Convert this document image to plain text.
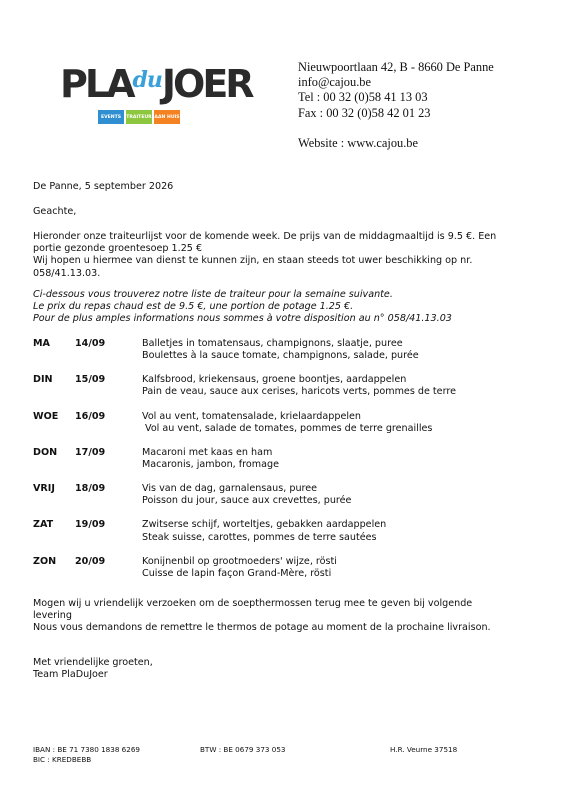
$PLA^{du}JOER$
EVENTS	TRAITEUR AAN HUIS
Nieuwpoortlaan 42, B - 8660 De Panne
info@cajou.be
Tel : 00 32 (0)58 41 13 03
Fax : 00 32 (0)58 42 01 23
Website : www.cajou.be
De Panne, 5 september 2026
Geachte,
Hieronder onze traiteurlijst voor de komende week. De prijs van de middagmaaltijd is 9.5 €. Een
portie gezonde groentesoep 1.25 €
Wij hopen u hiermee van dienst te kunnen zijn, en staan steeds tot uwer beschikking op nr.
058/41.13.03.
Ci-dessous vous trouverez notre liste de traiteur pour la semaine suivante.
Le prix du repas chaud est de 9.5 €, une portion de potage 1.25 €.
Pour de plus amples informations nous sommes à votre disposition au n° 058/41.13.03
MA	14/09	Balletjes in tomatensaus, champignons, slaatje, puree
Boulettes à la sauce tomate, champignons, salade, purée
DIN 15/09	Kalfsbrood, kriekensaus, groene boontjes, aardappelen
Pain de veau, sauce aux cerises, haricots verts, pommes de terre
WOE 16/09	Vol au vent, tomatensalade, krielaardappelen
Vol au vent, salade de tomates, pommes de terre grenailles
DON 17/09	Macaroni met kaas en ham
Macaronis, jambon, fromage
VRIJ 18/09	Vis van de dag, garnalensaus, puree
Poisson du jour, sauce aux crevettes, purée
ZAT 19/09	Zwitserse schijf, worteltjes, gebakken aardappelen
Steak suisse, carottes, pommes de terre sautées
ZON 20/09	Konijnenbil op grootmoeders' wijze, rösti
Cuisse de lapin façon Grand-Mère, rösti
Mogen wij u vriendelijk verzoeken om de soepthermossen terug mee te geven bij volgende
levering
Nous vous demandons de remettre le thermos de potage au moment de la prochaine livraison.
Met vriendelijke groeten,
Team PlaDuJoer
IBAN : BE 71 7380 1838 6269
BIC : KREDBEBB
BTW : BE 0679 373 053	H.R. Veurne 37518
